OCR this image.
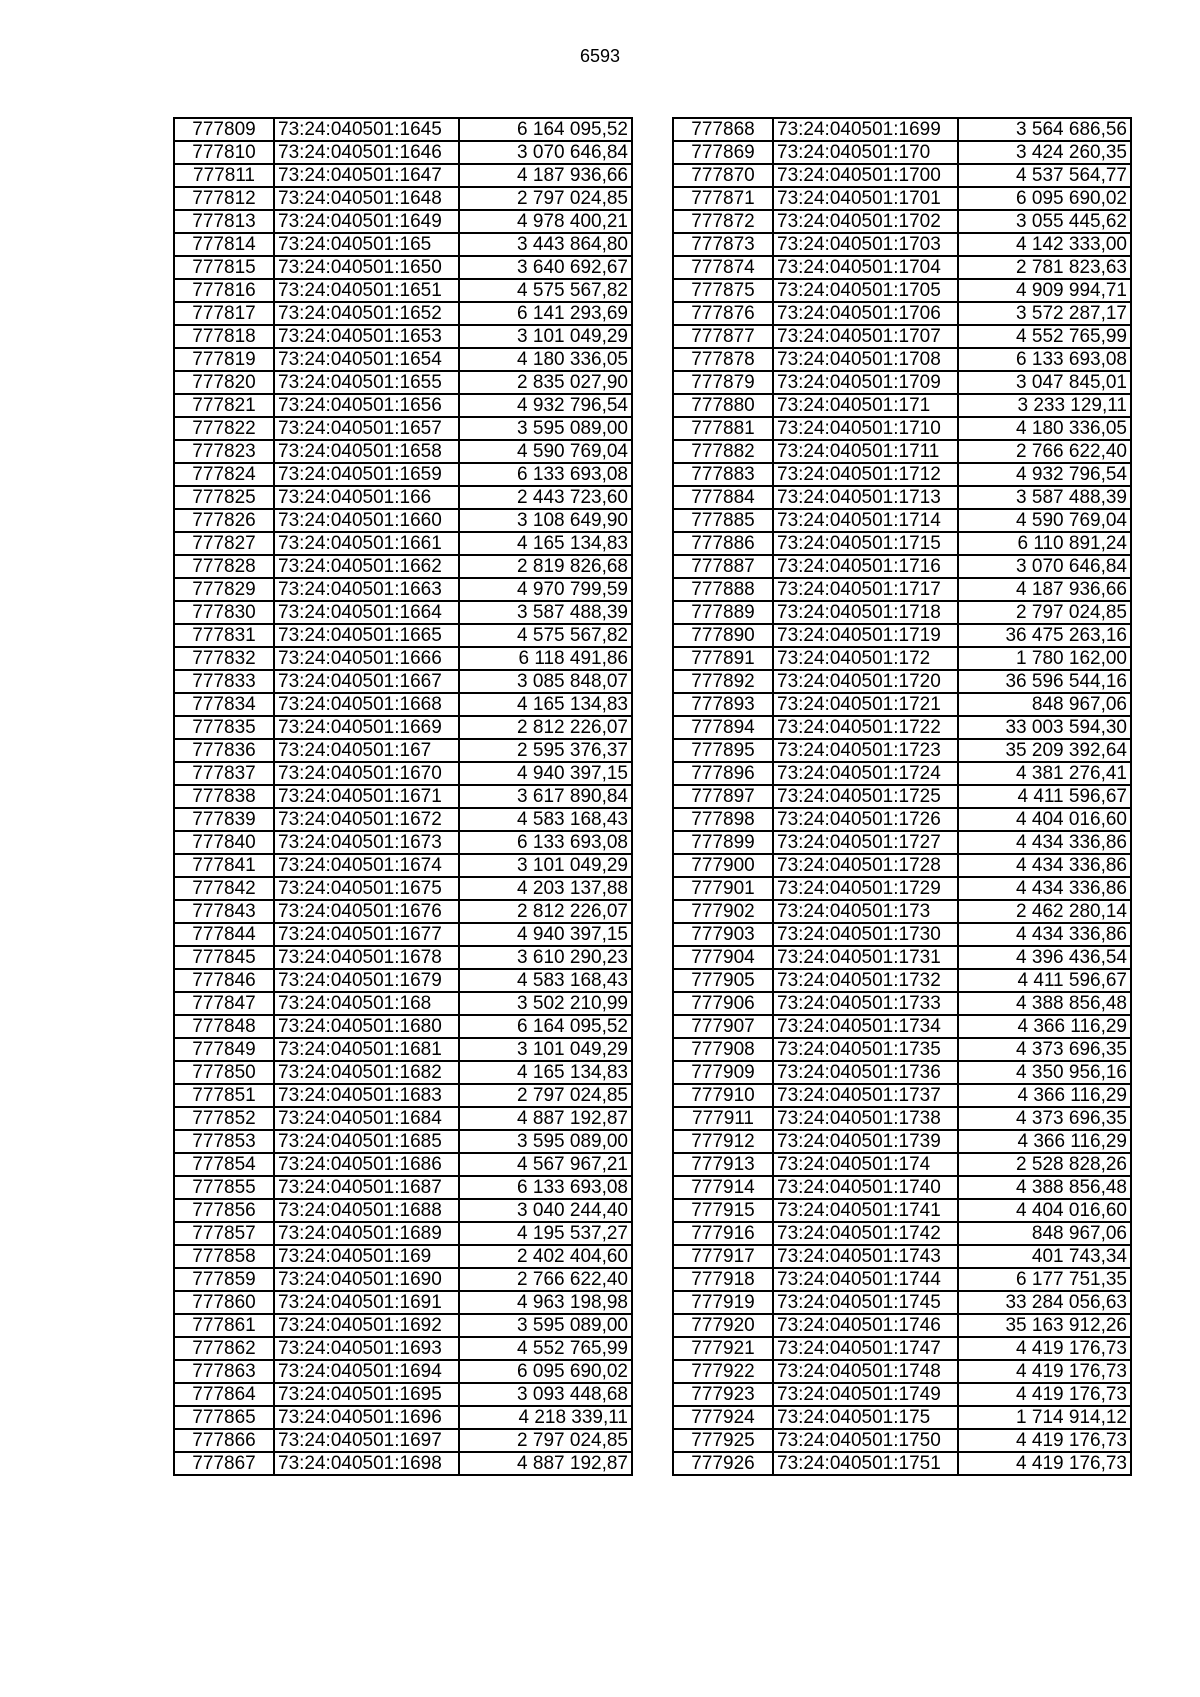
6593
777809	73:24:040501:1645	6 164 095,52
777810	73:24:040501:1646	3 070 646,84
777811	73:24:040501:1647	4 187 936,66
777812	73:24:040501:1648	2 797 024,85
777813	73:24:040501:1649	4 978 400,21
777814	73:24:040501:165	3 443 864,80
777815	73:24:040501:1650	3 640 692,67
777816	73:24:040501:1651	4 575 567,82
777817	73:24:040501:1652	6 141 293,69
777818	73:24:040501:1653	3 101 049,29
777819	73:24:040501:1654	4 180 336,05
777820	73:24:040501:1655	2 835 027,90
777821	73:24:040501:1656	4 932 796,54
777822	73:24:040501:1657	3 595 089,00
777823	73:24:040501:1658	4 590 769,04
777824	73:24:040501:1659	6 133 693,08
777825	73:24:040501:166	2 443 723,60
777826	73:24:040501:1660	3 108 649,90
777827	73:24:040501:1661	4 165 134,83
777828	73:24:040501:1662	2 819 826,68
777829	73:24:040501:1663	4 970 799,59
777830	73:24:040501:1664	3 587 488,39
777831	73:24:040501:1665	4 575 567,82
777832	73:24:040501:1666	6 118 491,86
777833	73:24:040501:1667	3 085 848,07
777834	73:24:040501:1668	4 165 134,83
777835	73:24:040501:1669	2 812 226,07
777836	73:24:040501:167	2 595 376,37
777837	73:24:040501:1670	4 940 397,15
777838	73:24:040501:1671	3 617 890,84
777839	73:24:040501:1672	4 583 168,43
777840	73:24:040501:1673	6 133 693,08
777841	73:24:040501:1674	3 101 049,29
777842	73:24:040501:1675	4 203 137,88
777843	73:24:040501:1676	2 812 226,07
777844	73:24:040501:1677	4 940 397,15
777845	73:24:040501:1678	3 610 290,23
777846	73:24:040501:1679	4 583 168,43
777847	73:24:040501:168	3 502 210,99
777848	73:24:040501:1680	6 164 095,52
777849	73:24:040501:1681	3 101 049,29
777850	73:24:040501:1682	4 165 134,83
777851	73:24:040501:1683	2 797 024,85
777852	73:24:040501:1684	4 887 192,87
777853	73:24:040501:1685	3 595 089,00
777854	73:24:040501:1686	4 567 967,21
777855	73:24:040501:1687	6 133 693,08
777856	73:24:040501:1688	3 040 244,40
777857	73:24:040501:1689	4 195 537,27
777858	73:24:040501:169	2 402 404,60
777859	73:24:040501:1690	2 766 622,40
777860	73:24:040501:1691	4 963 198,98
777861	73:24:040501:1692	3 595 089,00
777862	73:24:040501:1693	4 552 765,99
777863	73:24:040501:1694	6 095 690,02
777864	73:24:040501:1695	3 093 448,68
777865	73:24:040501:1696	4 218 339,11
777866	73:24:040501:1697	2 797 024,85
777867	73:24:040501:1698	4 887 192,87
777868	73:24:040501:1699	3 564 686,56
777869	73:24:040501:170	3 424 260,35
777870	73:24:040501:1700	4 537 564,77
777871	73:24:040501:1701	6 095 690,02
777872	73:24:040501:1702	3 055 445,62
777873	73:24:040501:1703	4 142 333,00
777874	73:24:040501:1704	2 781 823,63
777875	73:24:040501:1705	4 909 994,71
777876	73:24:040501:1706	3 572 287,17
777877	73:24:040501:1707	4 552 765,99
777878	73:24:040501:1708	6 133 693,08
777879	73:24:040501:1709	3 047 845,01
777880	73:24:040501:171	3 233 129,11
777881	73:24:040501:1710	4 180 336,05
777882	73:24:040501:1711	2 766 622,40
777883	73:24:040501:1712	4 932 796,54
777884	73:24:040501:1713	3 587 488,39
777885	73:24:040501:1714	4 590 769,04
777886	73:24:040501:1715	6 110 891,24
777887	73:24:040501:1716	3 070 646,84
777888	73:24:040501:1717	4 187 936,66
777889	73:24:040501:1718	2 797 024,85
777890	73:24:040501:1719	36 475 263,16
777891	73:24:040501:172	1 780 162,00
777892	73:24:040501:1720	36 596 544,16
777893	73:24:040501:1721	848 967,06
777894	73:24:040501:1722	33 003 594,30
777895	73:24:040501:1723	35 209 392,64
777896	73:24:040501:1724	4 381 276,41
777897	73:24:040501:1725	4 411 596,67
777898	73:24:040501:1726	4 404 016,60
777899	73:24:040501:1727	4 434 336,86
777900	73:24:040501:1728	4 434 336,86
777901	73:24:040501:1729	4 434 336,86
777902	73:24:040501:173	2 462 280,14
777903	73:24:040501:1730	4 434 336,86
777904	73:24:040501:1731	4 396 436,54
777905	73:24:040501:1732	4 411 596,67
777906	73:24:040501:1733	4 388 856,48
777907	73:24:040501:1734	4 366 116,29
777908	73:24:040501:1735	4 373 696,35
777909	73:24:040501:1736	4 350 956,16
777910	73:24:040501:1737	4 366 116,29
777911	73:24:040501:1738	4 373 696,35
777912	73:24:040501:1739	4 366 116,29
777913	73:24:040501:174	2 528 828,26
777914	73:24:040501:1740	4 388 856,48
777915	73:24:040501:1741	4 404 016,60
777916	73:24:040501:1742	848 967,06
777917	73:24:040501:1743	401 743,34
777918	73:24:040501:1744	6 177 751,35
777919	73:24:040501:1745	33 284 056,63
777920	73:24:040501:1746	35 163 912,26
777921	73:24:040501:1747	4 419 176,73
777922	73:24:040501:1748	4 419 176,73
777923	73:24:040501:1749	4 419 176,73
777924	73:24:040501:175	1 714 914,12
777925	73:24:040501:1750	4 419 176,73
777926	73:24:040501:1751	4 419 176,73
